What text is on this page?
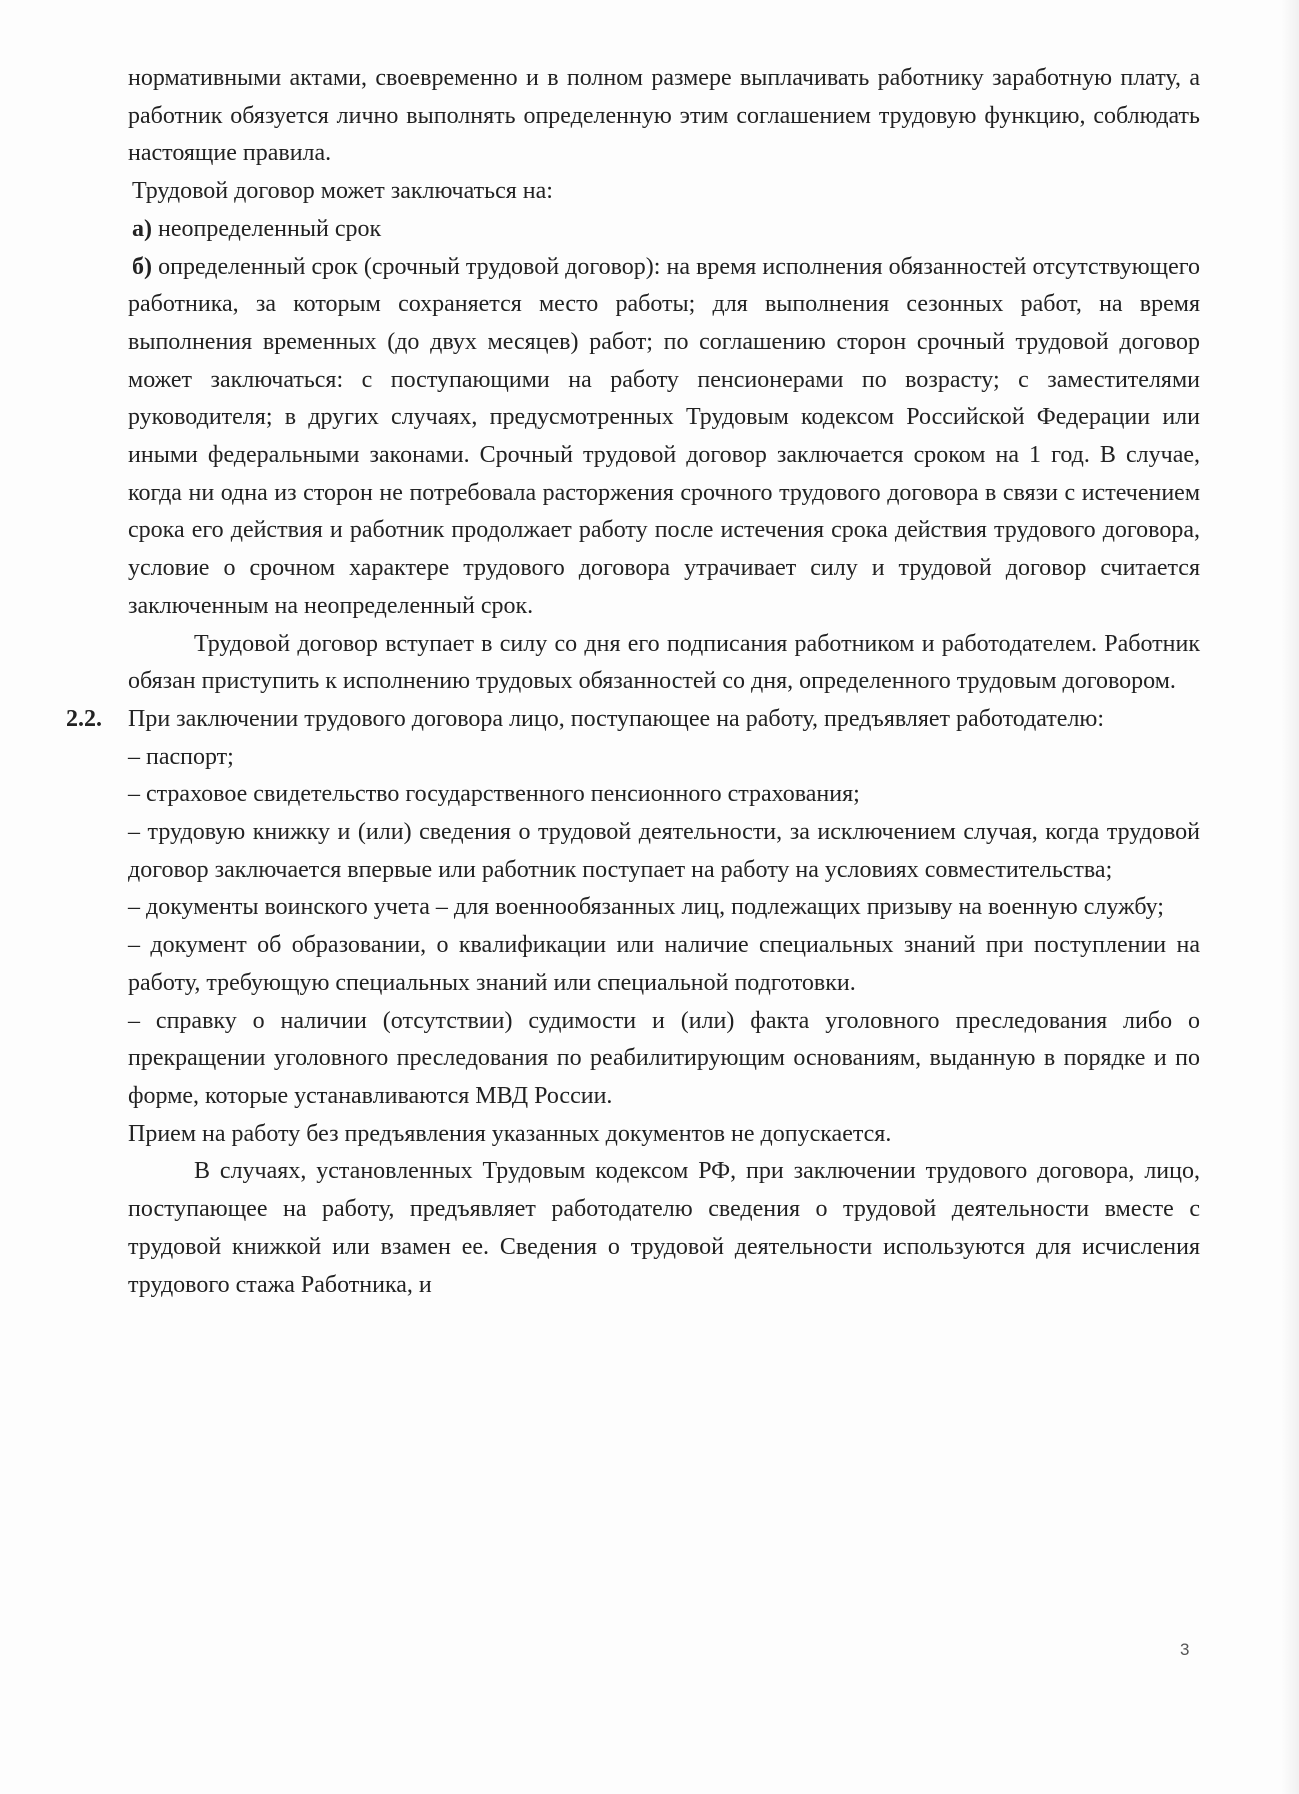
нормативными актами, своевременно и в полном размере выплачивать работнику заработную плату, а работник обязуется лично выполнять определенную этим соглашением трудовую функцию, соблюдать настоящие правила.

Трудовой договор может заключаться на:

а) неопределенный срок

б) определенный срок (срочный трудовой договор): на время исполнения обязанностей отсутствующего работника, за которым сохраняется место работы; для выполнения сезонных работ, на время выполнения временных (до двух месяцев) работ; по соглашению сторон срочный трудовой договор может заключаться: с поступающими на работу пенсионерами по возрасту; с заместителями руководителя; в других случаях, предусмотренных Трудовым кодексом Российской Федерации или иными федеральными законами. Срочный трудовой договор заключается сроком на 1 год. В случае, когда ни одна из сторон не потребовала расторжения срочного трудового договора в связи с истечением срока его действия и работник продолжает работу после истечения срока действия трудового договора, условие о срочном характере трудового договора утрачивает силу и трудовой договор считается заключенным на неопределенный срок.

Трудовой договор вступает в силу со дня его подписания работником и работодателем. Работник обязан приступить к исполнению трудовых обязанностей со дня, определенного трудовым договором.

2.2. При заключении трудового договора лицо, поступающее на работу, предъявляет работодателю:

– паспорт;

– страховое свидетельство государственного пенсионного страхования;

– трудовую книжку и (или) сведения о трудовой деятельности, за исключением случая, когда трудовой договор заключается впервые или работник поступает на работу на условиях совместительства;

– документы воинского учета – для военнообязанных лиц, подлежащих призыву на военную службу;

– документ об образовании, о квалификации или наличие специальных знаний при поступлении на работу, требующую специальных знаний или специальной подготовки.

– справку о наличии (отсутствии) судимости и (или) факта уголовного преследования либо о прекращении уголовного преследования по реабилитирующим основаниям, выданную в порядке и по форме, которые устанавливаются МВД России.

Прием на работу без предъявления указанных документов не допускается.

В случаях, установленных Трудовым кодексом РФ, при заключении трудового договора, лицо, поступающее на работу, предъявляет работодателю сведения о трудовой деятельности вместе с трудовой книжкой или взамен ее. Сведения о трудовой деятельности используются для исчисления трудового стажа Работника, и

3
